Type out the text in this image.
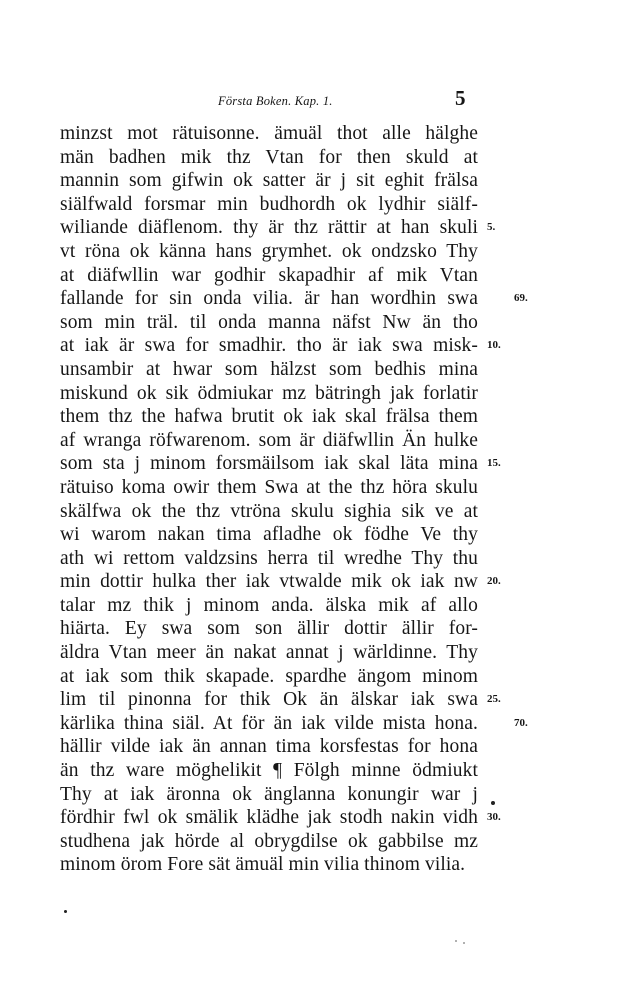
Första Boken. Kap. 1.	5
minzst mot rätuisonne. ämuäl thot alle hälghe
män badhen mik thz Vtan for then skuld at
mannin som gifwin ok satter är j sit eghit frälsa
siälfwald forsmar min budhordh ok lydhir siälf-
wiliande diäflenom. thy är thz rättir at han skuli
vt röna ok känna hans grymhet. ok ondzsko Thy
at diäfwllin war godhir skapadhir af mik Vtan
fallande for sin onda vilia. är han wordhin swa
som min träl. til onda manna näfst Nw än tho
at iak är swa for smadhir. tho är iak swa misk-
unsambir at hwar som hälzst som bedhis mina
miskund ok sik ödmiukar mz bätringh jak forlatir
them thz the hafwa brutit ok iak skal frälsa them
af wranga röfwarenom. som är diäfwllin Än hulke
som sta j minom forsmäilsom iak skal läta mina
rätuiso koma owir them Swa at the thz höra skulu
skälfwa ok the thz vtröna skulu sighia sik ve at
wi warom nakan tima afladhe ok födhe Ve thy
ath wi rettom valdzsins herra til wredhe Thy thu
min dottir hulka ther iak vtwalde mik ok iak nw
talar mz thik j minom anda. älska mik af allo
hiärta. Ey swa som son ällir dottir ällir for-
äldra Vtan meer än nakat annat j wärldinne. Thy
at iak som thik skapade. spardhe ängom minom
lim til pinonna for thik Ok än älskar iak swa
kärlika thina siäl. At för än iak vilde mista hona.
hällir vilde iak än annan tima korsfestas for hona
än thz ware möghelikit ¶ Fölgh minne ödmiukt
Thy at iak äronna ok änglanna konungir war j
fördhir fwl ok smälik klädhe jak stodh nakin vidh
studhena jak hörde al obrygdilse ok gabbilse mz
minom örom Fore sät ämuäl min vilia thinom vilia.
5.
69.
10.
15.
20.
25.
70.
30.
